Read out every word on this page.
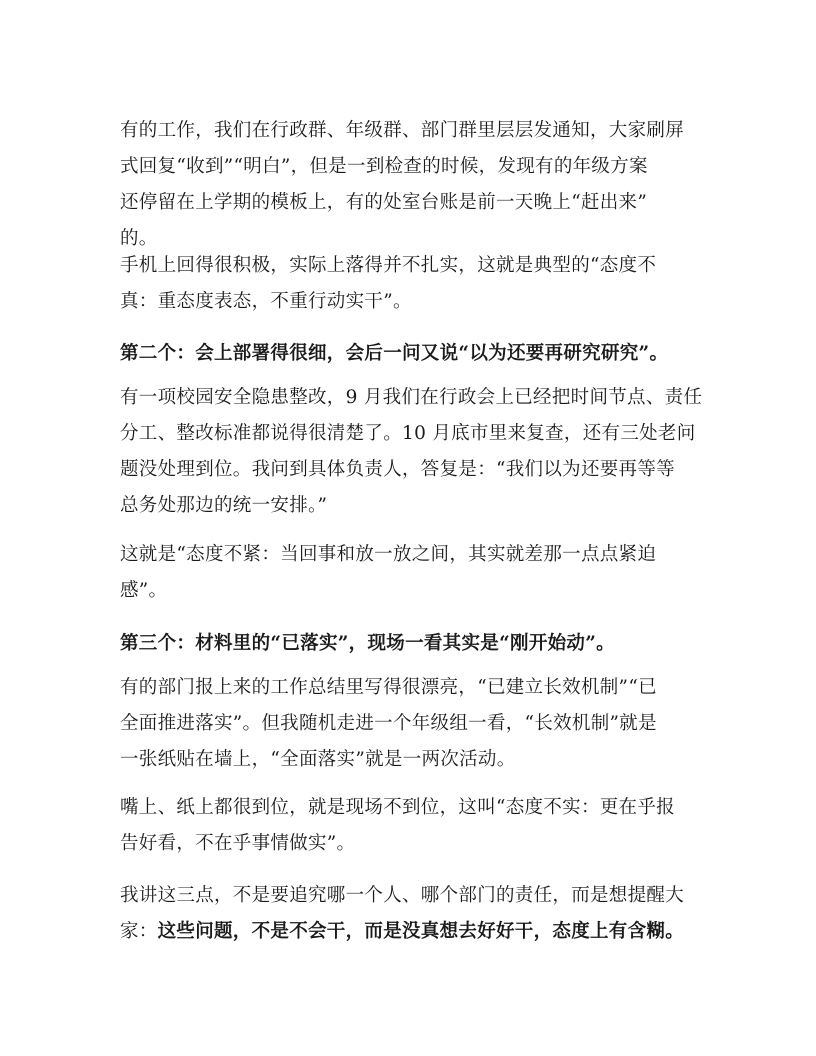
有的工作，我们在行政群、年级群、部门群里层层发通知，大家刷屏
式回复“收到”“明白”，但是一到检查的时候，发现有的年级方案
还停留在上学期的模板上，有的处室台账是前一天晚上“赶出来”
的。

手机上回得很积极，实际上落得并不扎实，这就是典型的“态度不
真：重态度表态，不重行动实干”。

第二个：会上部署得很细，会后一问又说“以为还要再研究研究”。

有一项校园安全隐患整改，9 月我们在行政会上已经把时间节点、责任
分工、整改标准都说得很清楚了。10 月底市里来复查，还有三处老问
题没处理到位。我问到具体负责人，答复是：“我们以为还要再等等
总务处那边的统一安排。”

这就是“态度不紧：当回事和放一放之间，其实就差那一点点紧迫
感”。

第三个：材料里的“已落实”，现场一看其实是“刚开始动”。

有的部门报上来的工作总结里写得很漂亮，“已建立长效机制”“已
全面推进落实”。但我随机走进一个年级组一看，“长效机制”就是
一张纸贴在墙上，“全面落实”就是一两次活动。

嘴上、纸上都很到位，就是现场不到位，这叫“态度不实：更在乎报
告好看，不在乎事情做实”。

我讲这三点，不是要追究哪一个人、哪个部门的责任，而是想提醒大
家：这些问题，不是不会干，而是没真想去好好干，态度上有含糊。
